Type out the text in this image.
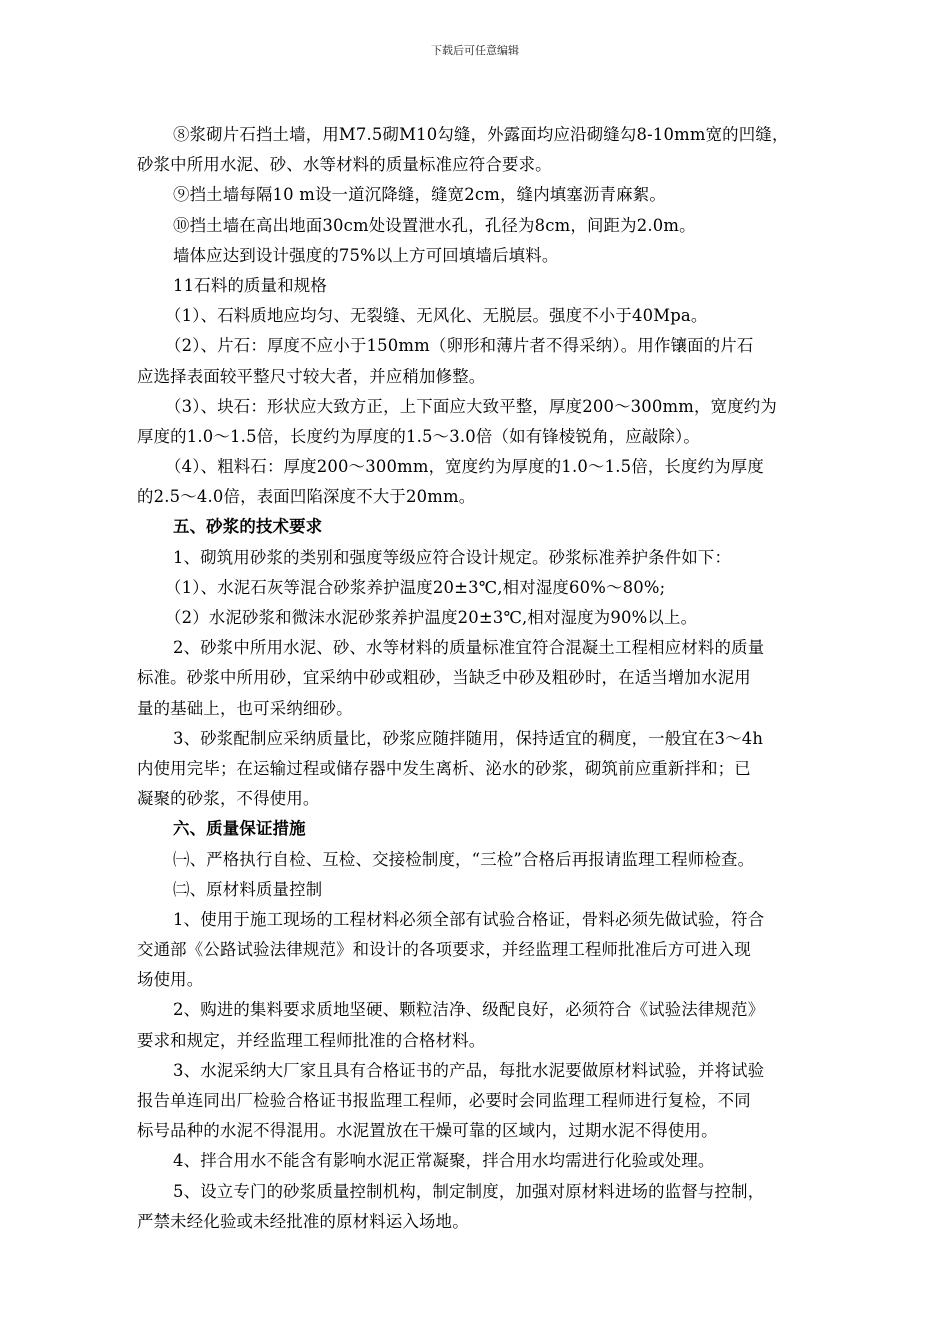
下载后可任意编辑
⑧浆砌片石挡土墙，用M7.5砌M10勾缝，外露面均应沿砌缝勾8-10mm宽的凹缝，
砂浆中所用水泥、砂、水等材料的质量标准应符合要求。
⑨挡土墙每隔10 m设一道沉降缝，缝宽2cm，缝内填塞沥青麻絮。
⑩挡土墙在高出地面30cm处设置泄水孔，孔径为8cm，间距为2.0m。
墙体应达到设计强度的75%以上方可回填墙后填料。
11石料的质量和规格
（1）、石料质地应均匀、无裂缝、无风化、无脱层。强度不小于40Mpa。
（2）、片石：厚度不应小于150mm（卵形和薄片者不得采纳）。用作镶面的片石
应选择表面较平整尺寸较大者，并应稍加修整。
（3）、块石：形状应大致方正，上下面应大致平整，厚度200～300mm，宽度约为
厚度的1.0～1.5倍，长度约为厚度的1.5～3.0倍（如有锋棱锐角，应敲除）。
（4）、粗料石：厚度200～300mm，宽度约为厚度的1.0～1.5倍，长度约为厚度
的2.5～4.0倍，表面凹陷深度不大于20mm。
五、砂浆的技术要求
1、砌筑用砂浆的类别和强度等级应符合设计规定。砂浆标准养护条件如下：
（1）、水泥石灰等混合砂浆养护温度20±3℃,相对湿度60%～80%;
（2）水泥砂浆和微沫水泥砂浆养护温度20±3℃,相对湿度为90%以上。
2、砂浆中所用水泥、砂、水等材料的质量标准宜符合混凝土工程相应材料的质量
标准。砂浆中所用砂，宜采纳中砂或粗砂，当缺乏中砂及粗砂时，在适当增加水泥用
量的基础上，也可采纳细砂。
3、砂浆配制应采纳质量比，砂浆应随拌随用，保持适宜的稠度，一般宜在3～4h
内使用完毕；在运输过程或储存器中发生离析、泌水的砂浆，砌筑前应重新拌和；已
凝聚的砂浆，不得使用。
六、质量保证措施
㈠、严格执行自检、互检、交接检制度，“三检”合格后再报请监理工程师检查。
㈡、原材料质量控制
1、使用于施工现场的工程材料必须全部有试验合格证，骨料必须先做试验，符合
交通部《公路试验法律规范》和设计的各项要求，并经监理工程师批准后方可进入现
场使用。
2、购进的集料要求质地坚硬、颗粒洁净、级配良好，必须符合《试验法律规范》
要求和规定，并经监理工程师批准的合格材料。
3、水泥采纳大厂家且具有合格证书的产品，每批水泥要做原材料试验，并将试验
报告单连同出厂检验合格证书报监理工程师，必要时会同监理工程师进行复检，不同
标号品种的水泥不得混用。水泥置放在干燥可靠的区域内，过期水泥不得使用。
4、拌合用水不能含有影响水泥正常凝聚，拌合用水均需进行化验或处理。
5、设立专门的砂浆质量控制机构，制定制度，加强对原材料进场的监督与控制，
严禁未经化验或未经批准的原材料运入场地。
